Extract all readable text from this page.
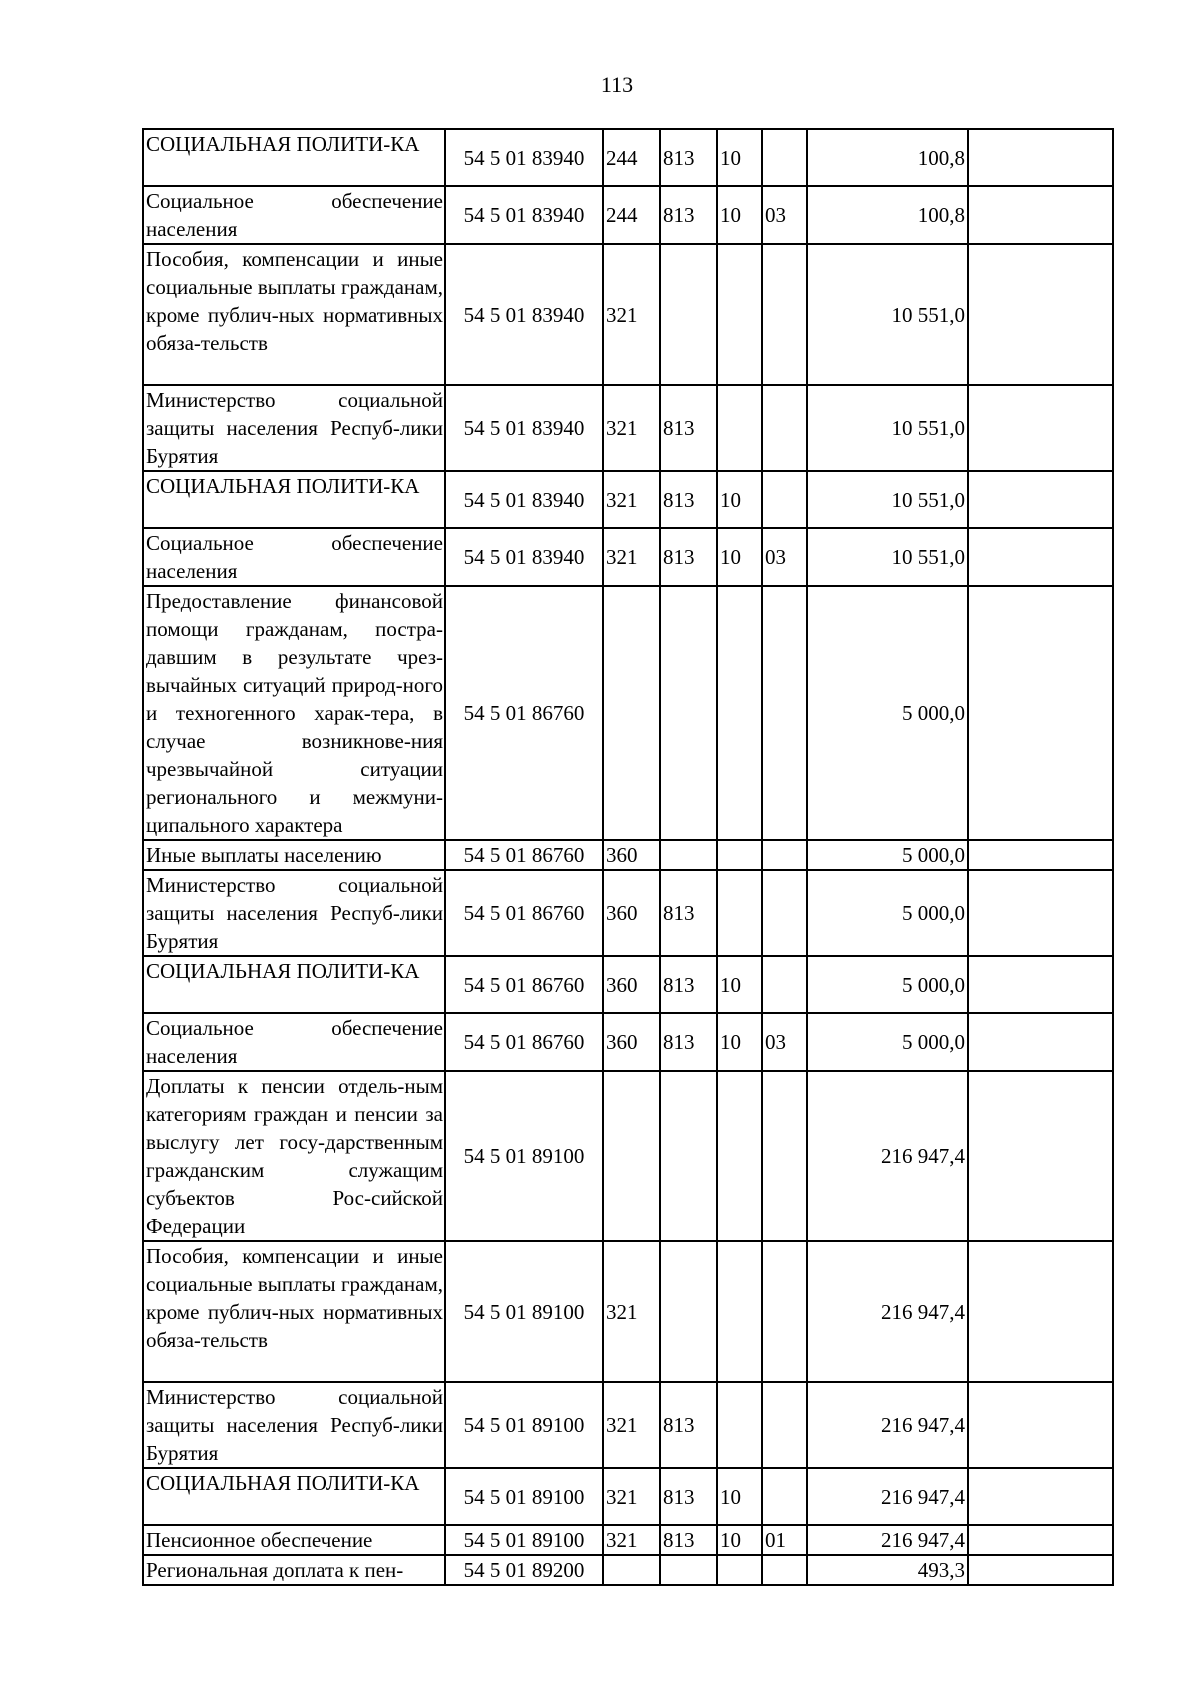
113
СОЦИАЛЬНАЯ ПОЛИТИ-КА	54 5 01 83940	244	813	10		100,8	
Социальное обеспечение населения	54 5 01 83940	244	813	10	03	100,8	
Пособия, компенсации и иные социальные выплаты гражданам, кроме публич-ных нормативных обяза-тельств	54 5 01 83940	321				10 551,0	
Министерство социальной защиты населения Респуб-лики Бурятия	54 5 01 83940	321	813			10 551,0	
СОЦИАЛЬНАЯ ПОЛИТИ-КА	54 5 01 83940	321	813	10		10 551,0	
Социальное обеспечение населения	54 5 01 83940	321	813	10	03	10 551,0	
Предоставление финансовой помощи гражданам, постра-давшим в результате чрез-вычайных ситуаций природ-ного и техногенного харак-тера, в случае возникнове-ния чрезвычайной ситуации регионального и межмуни-ципального характера	54 5 01 86760					5 000,0	
Иные выплаты населению	54 5 01 86760	360				5 000,0	
Министерство социальной защиты населения Респуб-лики Бурятия	54 5 01 86760	360	813			5 000,0	
СОЦИАЛЬНАЯ ПОЛИТИ-КА	54 5 01 86760	360	813	10		5 000,0	
Социальное обеспечение населения	54 5 01 86760	360	813	10	03	5 000,0	
Доплаты к пенсии отдель-ным категориям граждан и пенсии за выслугу лет госу-дарственным гражданским служащим субъектов Рос-сийской Федерации	54 5 01 89100					216 947,4	
Пособия, компенсации и иные социальные выплаты гражданам, кроме публич-ных нормативных обяза-тельств	54 5 01 89100	321				216 947,4	
Министерство социальной защиты населения Респуб-лики Бурятия	54 5 01 89100	321	813			216 947,4	
СОЦИАЛЬНАЯ ПОЛИТИ-КА	54 5 01 89100	321	813	10		216 947,4	
Пенсионное обеспечение	54 5 01 89100	321	813	10	01	216 947,4	
Региональная доплата к пен-	54 5 01 89200					493,3	
